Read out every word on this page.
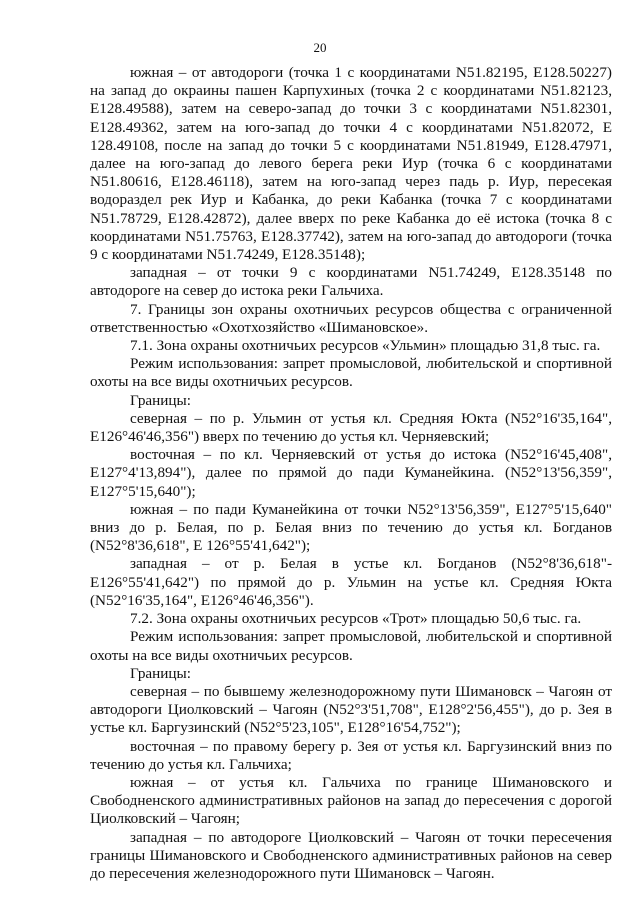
20

южная – от автодороги (точка 1 с координатами N51.82195, E128.50227) на запад до окраины пашен Карпухиных (точка 2 с координатами N51.82123, E128.49588), затем на северо-запад до точки 3 с координатами N51.82301, E128.49362, затем на юго-запад до точки 4 с координатами N51.82072, E 128.49108, после на запад до точки 5 с координатами N51.81949, E128.47971, далее на юго-запад до левого берега реки Иур (точка 6 с координатами N51.80616, E128.46118), затем на юго-запад через падь р. Иур, пересекая водораздел рек Иур и Кабанка, до реки Кабанка (точка 7 с координатами N51.78729, E128.42872), далее вверх по реке Кабанка до её истока (точка 8 с координатами N51.75763, E128.37742), затем на юго-запад до автодороги (точка 9 с координатами N51.74249, E128.35148);

западная – от точки 9 с координатами N51.74249, E128.35148 по автодороге на север до истока реки Гальчиха.

7. Границы зон охраны охотничьих ресурсов общества с ограниченной ответственностью «Охотхозяйство «Шимановское».

7.1. Зона охраны охотничьих ресурсов «Ульмин» площадью 31,8 тыс. га.

Режим использования: запрет промысловой, любительской и спортивной охоты на все виды охотничьих ресурсов.

Границы:

северная – по р. Ульмин от устья кл. Средняя Юкта (N52°16'35,164", E126°46'46,356") вверх по течению до устья кл. Черняевский;

восточная – по кл. Черняевский от устья до истока (N52°16'45,408", E127°4'13,894"), далее по прямой до пади Куманейкина. (N52°13'56,359", E127°5'15,640");

южная – по пади Куманейкина от точки N52°13'56,359", E127°5'15,640" вниз до р. Белая, по р. Белая вниз по течению до устья кл. Богданов (N52°8'36,618", E 126°55'41,642");

западная – от р. Белая в устье кл. Богданов (N52°8'36,618"- E126°55'41,642") по прямой до р. Ульмин на устье кл. Средняя Юкта (N52°16'35,164", E126°46'46,356").

7.2. Зона охраны охотничьих ресурсов «Трот» площадью 50,6 тыс. га.

Режим использования: запрет промысловой, любительской и спортивной охоты на все виды охотничьих ресурсов.

Границы:

северная – по бывшему железнодорожному пути Шимановск – Чагоян от автодороги Циолковский – Чагоян (N52°3'51,708", E128°2'56,455"), до р. Зея в устье кл. Баргузинский (N52°5'23,105", E128°16'54,752");

восточная – по правому берегу р. Зея от устья кл. Баргузинский вниз по течению до устья кл. Гальчиха;

южная – от устья кл. Гальчиха по границе Шимановского и Свободненского административных районов на запад до пересечения с дорогой Циолковский – Чагоян;

западная – по автодороге Циолковский – Чагоян от точки пересечения границы Шимановского и Свободненского административных районов на север до пересечения железнодорожного пути Шимановск – Чагоян.
